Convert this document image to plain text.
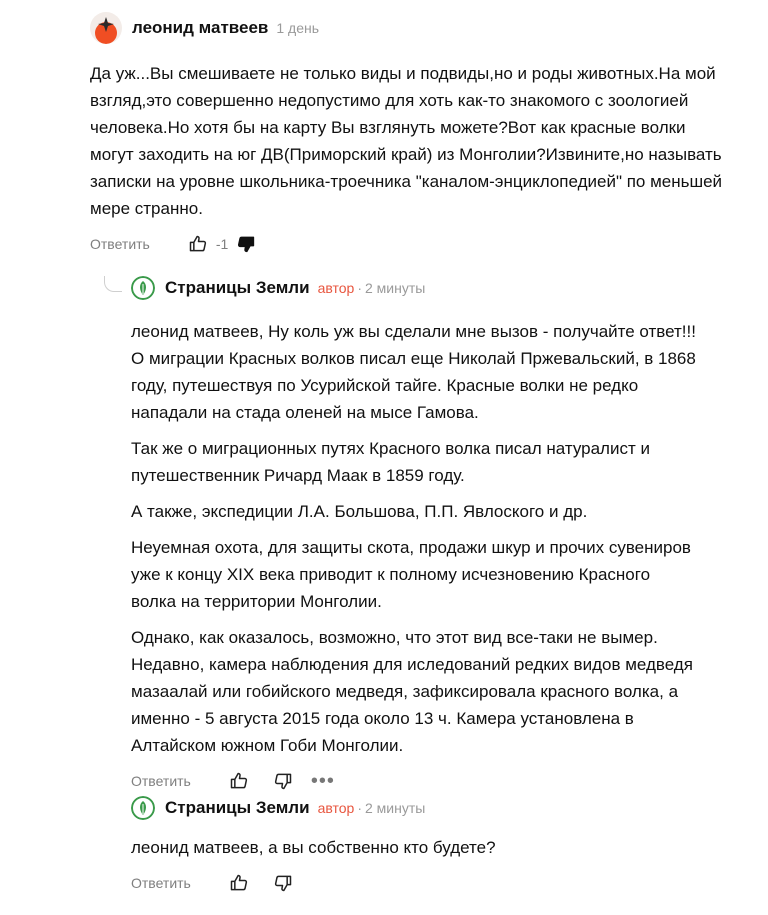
леонид матвеев 1 день

Да уж...Вы смешиваете не только виды и подвиды,но и роды животных.На мой взгляд,это совершенно недопустимо для хоть как-то знакомого с зоологией человека.Но хотя бы на карту Вы взглянуть можете?Вот как красные волки могут заходить на юг ДВ(Приморский край) из Монголии?Извините,но называть записки на уровне школьника-троечника "каналом-энциклопедией" по меньшей мере странно.

Ответить	-1
Страницы Земли автор · 2 минуты

леонид матвеев, Ну коль уж вы сделали мне вызов - получайте ответ!!! О миграции Красных волков писал еще Николай Пржевальский, в 1868 году, путешествуя по Усурийской тайге. Красные волки не редко нападали на стада оленей на мысе Гамова.

Так же о миграционных путях Красного волка писал натуралист и путешественник Ричард Маак в 1859 году.

А также, экспедиции Л.А. Большова, П.П. Явлоского и др.

Неуемная охота, для защиты скота, продажи шкур и прочих сувениров уже к концу XIX века приводит к полному исчезновению Красного волка на территории Монголии.

Однако, как оказалось, возможно, что этот вид все-таки не вымер. Недавно, камера наблюдения для иследований редких видов медведя мазаалай или гобийского медведя, зафиксировала красного волка, а именно - 5 августа 2015 года около 13 ч. Камера установлена в Алтайском южном Гоби Монголии.

Ответить	•••
Страницы Земли автор · 2 минуты

леонид матвеев, а вы собственно кто будете?

Ответить
